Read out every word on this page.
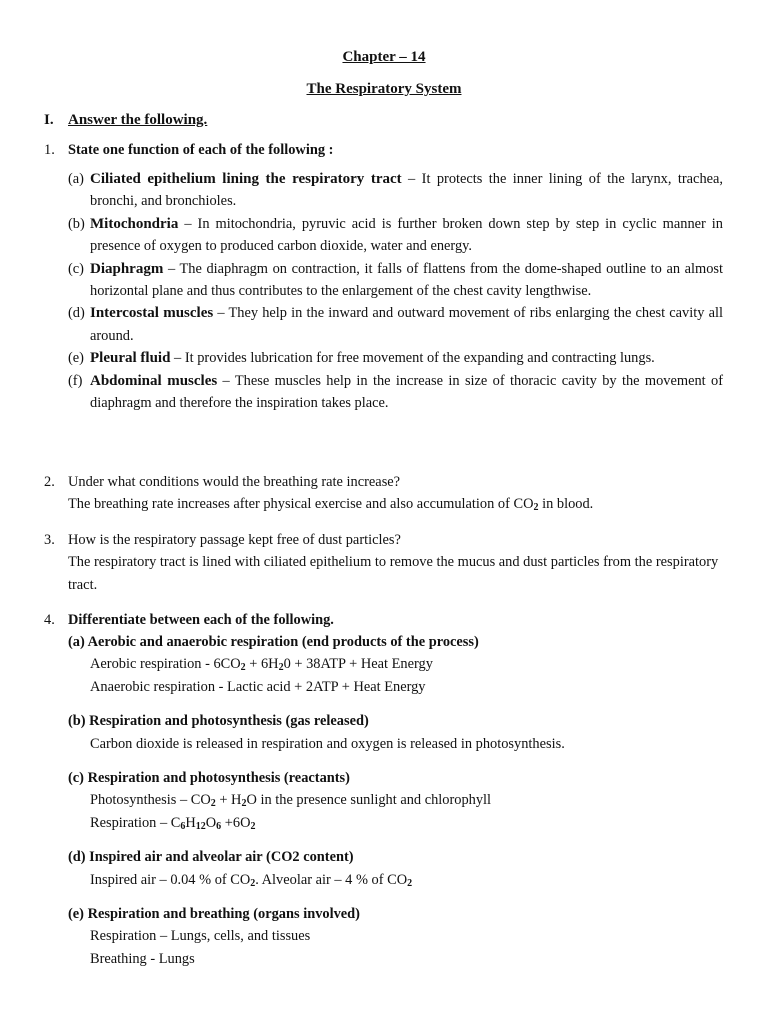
Chapter – 14
The Respiratory System
I. Answer the following.
1. State one function of each of the following :
(a) Ciliated epithelium lining the respiratory tract – It protects the inner lining of the larynx, trachea, bronchi, and bronchioles.
(b) Mitochondria – In mitochondria, pyruvic acid is further broken down step by step in cyclic manner in presence of oxygen to produced carbon dioxide, water and energy.
(c) Diaphragm – The diaphragm on contraction, it falls of flattens from the dome-shaped outline to an almost horizontal plane and thus contributes to the enlargement of the chest cavity lengthwise.
(d) Intercostal muscles – They help in the inward and outward movement of ribs enlarging the chest cavity all around.
(e) Pleural fluid – It provides lubrication for free movement of the expanding and contracting lungs.
(f) Abdominal muscles – These muscles help in the increase in size of thoracic cavity by the movement of diaphragm and therefore the inspiration takes place.
2. Under what conditions would the breathing rate increase?
The breathing rate increases after physical exercise and also accumulation of $CO_2$ in blood.
3. How is the respiratory passage kept free of dust particles?
The respiratory tract is lined with ciliated epithelium to remove the mucus and dust particles from the respiratory tract.
4. Differentiate between each of the following.
(a) Aerobic and anaerobic respiration (end products of the process)
Aerobic respiration - $6CO_2 + 6H_20 + 38ATP$ + Heat Energy
Anaerobic respiration - Lactic acid + 2ATP + Heat Energy
(b) Respiration and photosynthesis (gas released)
Carbon dioxide is released in respiration and oxygen is released in photosynthesis.
(c) Respiration and photosynthesis (reactants)
Photosynthesis – $CO_2 + H_2O$ in the presence sunlight and chlorophyll
Respiration – $C_6H_{12}O_6 +6O_2$
(d) Inspired air and alveolar air (CO2 content)
Inspired air – 0.04 % of $CO_2$. Alveolar air – 4 % of $CO_2$
(e) Respiration and breathing (organs involved)
Respiration – Lungs, cells, and tissues
Breathing - Lungs
